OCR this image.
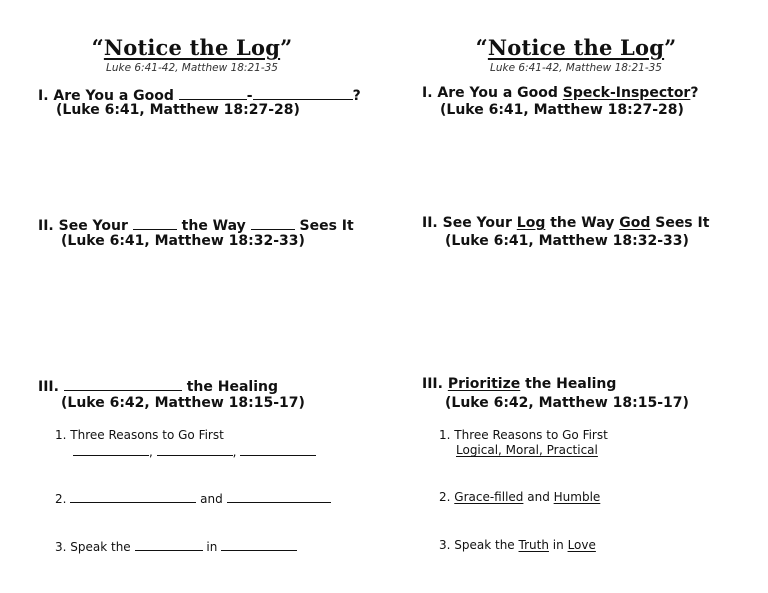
“Notice the Log”
Luke 6:41-42, Matthew 18:21-35
I. Are You a Good	-	?
(Luke 6:41, Matthew 18:27-28)
II. See Your	the Way	Sees It
(Luke 6:41, Matthew 18:32-33)
III.	the Healing
(Luke 6:42, Matthew 18:15-17)
1. Three Reasons to Go First
,	,
2.	and
3. Speak the	in
“Notice the Log”
Luke 6:41-42, Matthew 18:21-35
I. Are You a Good Speck-Inspector?
(Luke 6:41, Matthew 18:27-28)
II. See Your Log the Way God Sees It
(Luke 6:41, Matthew 18:32-33)
III. Prioritize the Healing
(Luke 6:42, Matthew 18:15-17)
1. Three Reasons to Go First
Logical, Moral, Practical
2. Grace-filled and Humble
3. Speak the Truth in Love
